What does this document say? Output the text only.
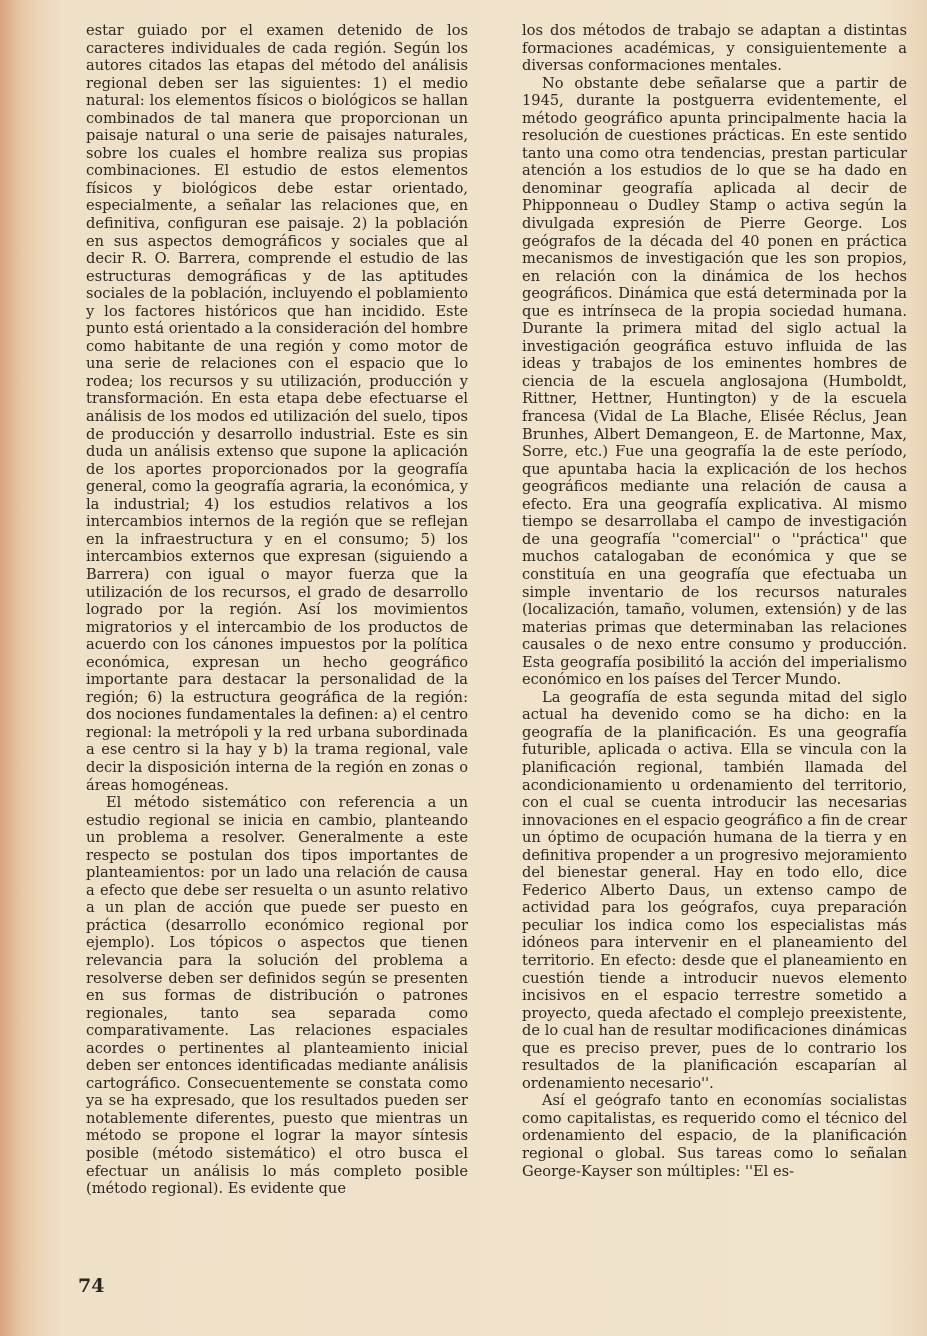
estar guiado por el examen detenido de los caracteres individuales de cada región. Según los autores citados las etapas del método del análisis regional deben ser las siguientes: 1) el medio natural: los elementos físicos o biológicos se hallan combinados de tal manera que proporcionan un paisaje natural o una serie de paisajes naturales, sobre los cuales el hombre realiza sus propias combinaciones. El estudio de estos elementos físicos y biológicos debe estar orientado, especialmente, a señalar las relaciones que, en definitiva, configuran ese paisaje. 2) la población en sus aspectos demográficos y sociales que al decir R. O. Barrera, comprende el estudio de las estructuras demográficas y de las aptitudes sociales de la población, incluyendo el poblamiento y los factores históricos que han incidido. Este punto está orientado a la consideración del hombre como habitante de una región y como motor de una serie de relaciones con el espacio que lo rodea; los recursos y su utilización, producción y transformación. En esta etapa debe efectuarse el análisis de los modos ed utilización del suelo, tipos de producción y desarrollo industrial. Este es sin duda un análisis extenso que supone la aplicación de los aportes proporcionados por la geografía general, como la geografía agraria, la económica, y la industrial; 4) los estudios relativos a los intercambios internos de la región que se reflejan en la infraestructura y en el consumo; 5) los intercambios externos que expresan (siguiendo a Barrera) con igual o mayor fuerza que la utilización de los recursos, el grado de desarrollo logrado por la región. Así los movimientos migratorios y el intercambio de los productos de acuerdo con los cánones impuestos por la política económica, expresan un hecho geográfico importante para destacar la personalidad de la región; 6) la estructura geográfica de la región: dos nociones fundamentales la definen: a) el centro regional: la metrópoli y la red urbana subordinada a ese centro si la hay y b) la trama regional, vale decir la disposición interna de la región en zonas o áreas homogéneas.

El método sistemático con referencia a un estudio regional se inicia en cambio, planteando un problema a resolver. Generalmente a este respecto se postulan dos tipos importantes de planteamientos: por un lado una relación de causa a efecto que debe ser resuelta o un asunto relativo a un plan de acción que puede ser puesto en práctica (desarrollo económico regional por ejemplo). Los tópicos o aspectos que tienen relevancia para la solución del problema a resolverse deben ser definidos según se presenten en sus formas de distribución o patrones regionales, tanto sea separada como comparativamente. Las relaciones espaciales acordes o pertinentes al planteamiento inicial deben ser entonces identificadas mediante análisis cartográfico. Consecuentemente se constata como ya se ha expresado, que los resultados pueden ser notablemente diferentes, puesto que mientras un método se propone el lograr la mayor síntesis posible (método sistemático) el otro busca el efectuar un análisis lo más completo posible (método regional). Es evidente que

los dos métodos de trabajo se adaptan a distintas formaciones académicas, y consiguientemente a diversas conformaciones mentales.

No obstante debe señalarse que a partir de 1945, durante la postguerra evidentemente, el método geográfico apunta principalmente hacia la resolución de cuestiones prácticas. En este sentido tanto una como otra tendencias, prestan particular atención a los estudios de lo que se ha dado en denominar geografía aplicada al decir de Phipponneau o Dudley Stamp o activa según la divulgada expresión de Pierre George. Los geógrafos de la década del 40 ponen en práctica mecanismos de investigación que les son propios, en relación con la dinámica de los hechos geográficos. Dinámica que está determinada por la que es intrínseca de la propia sociedad humana. Durante la primera mitad del siglo actual la investigación geográfica estuvo influida de las ideas y trabajos de los eminentes hombres de ciencia de la escuela anglosajona (Humboldt, Rittner, Hettner, Huntington) y de la escuela francesa (Vidal de La Blache, Elisée Réclus, Jean Brunhes, Albert Demangeon, E. de Martonne, Max, Sorre, etc.) Fue una geografía la de este período, que apuntaba hacia la explicación de los hechos geográficos mediante una relación de causa a efecto. Era una geografía explicativa. Al mismo tiempo se desarrollaba el campo de investigación de una geografía ''comercial'' o ''práctica'' que muchos catalogaban de económica y que se constituía en una geografía que efectuaba un simple inventario de los recursos naturales (localización, tamaño, volumen, extensión) y de las materias primas que determinaban las relaciones causales o de nexo entre consumo y producción. Esta geografía posibilitó la acción del imperialismo económico en los países del Tercer Mundo.

La geografía de esta segunda mitad del siglo actual ha devenido como se ha dicho: en la geografía de la planificación. Es una geografía futurible, aplicada o activa. Ella se vincula con la planificación regional, también llamada del acondicionamiento u ordenamiento del territorio, con el cual se cuenta introducir las necesarias innovaciones en el espacio geográfico a fin de crear un óptimo de ocupación humana de la tierra y en definitiva propender a un progresivo mejoramiento del bienestar general. Hay en todo ello, dice Federico Alberto Daus, un extenso campo de actividad para los geógrafos, cuya preparación peculiar los indica como los especialistas más idóneos para intervenir en el planeamiento del territorio. En efecto: desde que el planeamiento en cuestión tiende a introducir nuevos elemento incisivos en el espacio terrestre sometido a proyecto, queda afectado el complejo preexistente, de lo cual han de resultar modificaciones dinámicas que es preciso prever, pues de lo contrario los resultados de la planificación escaparían al ordenamiento necesario''.

Así el geógrafo tanto en economías socialistas como capitalistas, es requerido como el técnico del ordenamiento del espacio, de la planificación regional o global. Sus tareas como lo señalan George-Kayser son múltiples: ''El es-

74
